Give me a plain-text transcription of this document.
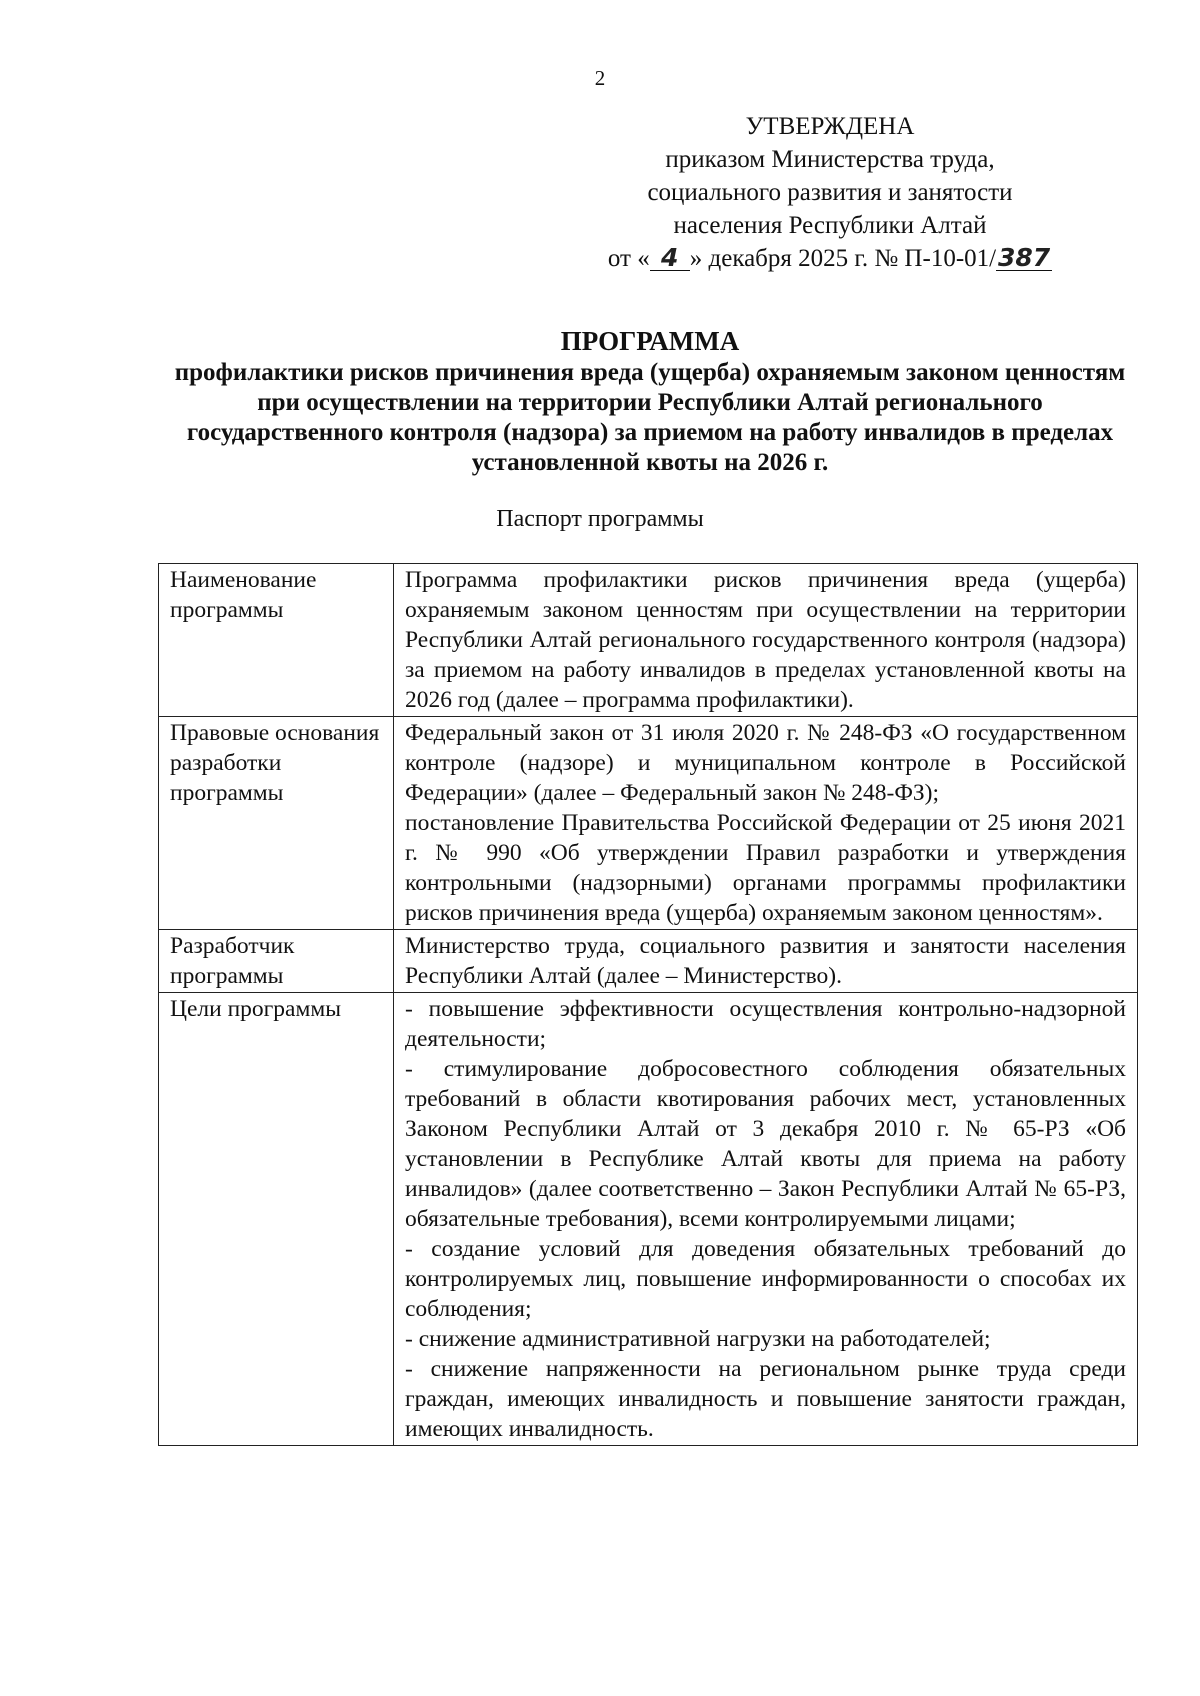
2
УТВЕРЖДЕНА
приказом Министерства труда,
социального развития и занятости
населения Республики Алтай
от « 4 » декабря 2025 г. № П-10-01/387
ПРОГРАММА
профилактики рисков причинения вреда (ущерба) охраняемым законом ценностям
при осуществлении на территории Республики Алтай регионального
государственного контроля (надзора) за приемом на работу инвалидов в пределах
установленной квоты на 2026 г.
Паспорт программы
Наименование программы	Программа профилактики рисков причинения вреда (ущерба) охраняемым законом ценностям при осуществлении на территории Республики Алтай регионального государственного контроля (надзора) за приемом на работу инвалидов в пределах установленной квоты на 2026 год (далее – программа профилактики).

Правовые основания разработки программы	Федеральный закон от 31 июля 2020 г. № 248-ФЗ «О государственном контроле (надзоре) и муниципальном контроле в Российской Федерации» (далее – Федеральный закон № 248-ФЗ);
постановление Правительства Российской Федерации от 25 июня 2021 г. № 990 «Об утверждении Правил разработки и утверждения контрольными (надзорными) органами программы профилактики рисков причинения вреда (ущерба) охраняемым законом ценностям».

Разработчик программы	Министерство труда, социального развития и занятости населения Республики Алтай (далее – Министерство).

Цели программы	- повышение эффективности осуществления контрольно-надзорной деятельности;
- стимулирование добросовестного соблюдения обязательных требований в области квотирования рабочих мест, установленных Законом Республики Алтай от 3 декабря 2010 г. № 65-РЗ «Об установлении в Республике Алтай квоты для приема на работу инвалидов» (далее соответственно – Закон Республики Алтай № 65-РЗ, обязательные требования), всеми контролируемыми лицами;
- создание условий для доведения обязательных требований до контролируемых лиц, повышение информированности о способах их соблюдения;
- снижение административной нагрузки на работодателей;
- снижение напряженности на региональном рынке труда среди граждан, имеющих инвалидность и повышение занятости граждан, имеющих инвалидность.
